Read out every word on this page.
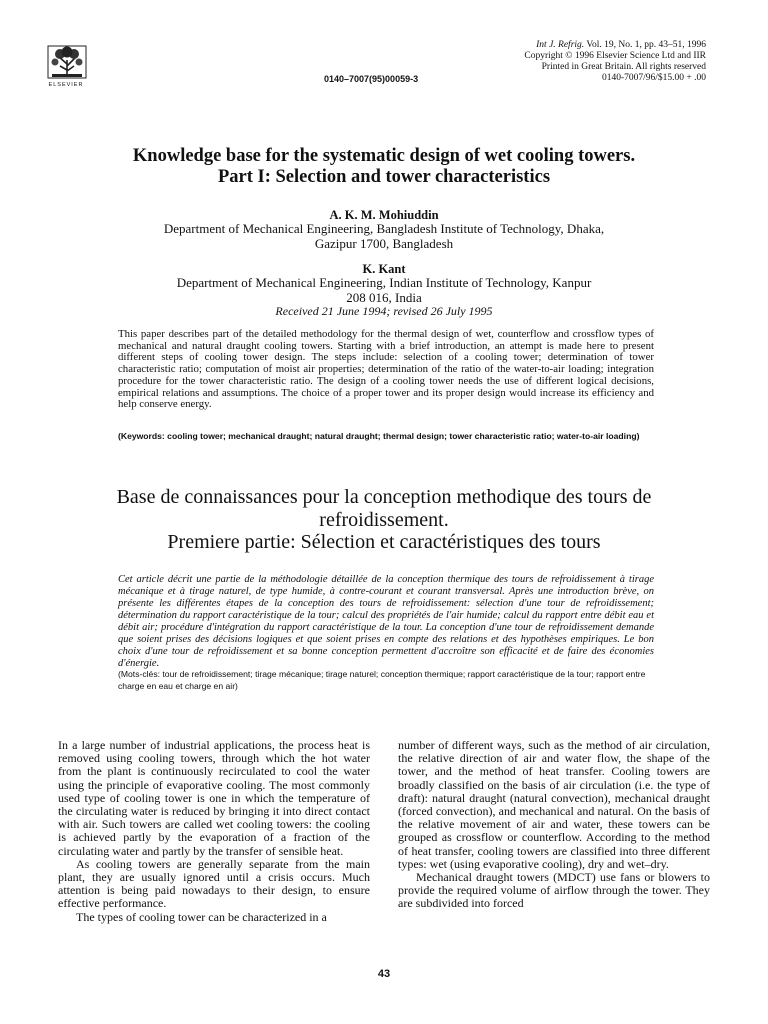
ELSEVIER
0140–7007(95)00059-3
Int J. Refrig. Vol. 19, No. 1, pp. 43–51, 1996
Copyright © 1996 Elsevier Science Ltd and IIR
Printed in Great Britain. All rights reserved
0140-7007/96/$15.00 + .00
Knowledge base for the systematic design of wet cooling towers.
Part I: Selection and tower characteristics
A. K. M. Mohiuddin
Department of Mechanical Engineering, Bangladesh Institute of Technology, Dhaka,
Gazipur 1700, Bangladesh
K. Kant
Department of Mechanical Engineering, Indian Institute of Technology, Kanpur
208 016, India
Received 21 June 1994; revised 26 July 1995
This paper describes part of the detailed methodology for the thermal design of wet, counterflow and crossflow types of mechanical and natural draught cooling towers. Starting with a brief introduction, an attempt is made here to present different steps of cooling tower design. The steps include: selection of a cooling tower; determination of tower characteristic ratio; computation of moist air properties; determination of the ratio of the water-to-air loading; integration procedure for the tower characteristic ratio. The design of a cooling tower needs the use of different logical decisions, empirical relations and assumptions. The choice of a proper tower and its proper design would increase its efficiency and help conserve energy.
(Keywords: cooling tower; mechanical draught; natural draught; thermal design; tower characteristic ratio; water-to-air loading)
Base de connaissances pour la conception methodique des tours de
refroidissement.
Premiere partie: Sélection et caractéristiques des tours
Cet article décrit une partie de la méthodologie détaillée de la conception thermique des tours de refroidissement à tirage mécanique et à tirage naturel, de type humide, à contre-courant et courant transversal. Après une introduction brève, on présente les différentes étapes de la conception des tours de refroidissement: sélection d'une tour de refroidissement; détermination du rapport caractéristique de la tour; calcul des propriétés de l'air humide; calcul du rapport entre débit eau et débit air; procédure d'intégration du rapport caractéristique de la tour. La conception d'une tour de refroidissement demande que soient prises des décisions logiques et que soient prises en compte des relations et des hypothèses empiriques. Le bon choix d'une tour de refroidissement et sa bonne conception permettent d'accroître son efficacité et de faire des économies d'énergie.
(Mots-clés: tour de refroidissement; tirage mécanique; tirage naturel; conception thermique; rapport caractéristique de la tour; rapport entre charge en eau et charge en air)

In a large number of industrial applications, the process heat is removed using cooling towers, through which the hot water from the plant is continuously recirculated to cool the water using the principle of evaporative cooling. The most commonly used type of cooling tower is one in which the temperature of the circulating water is reduced by bringing it into direct contact with air. Such towers are called wet cooling towers: the cooling is achieved partly by the evaporation of a fraction of the circulating water and partly by the transfer of sensible heat.

As cooling towers are generally separate from the main plant, they are usually ignored until a crisis occurs. Much attention is being paid nowadays to their design, to ensure effective performance.

The types of cooling tower can be characterized in a

number of different ways, such as the method of air circulation, the relative direction of air and water flow, the shape of the tower, and the method of heat transfer. Cooling towers are broadly classified on the basis of air circulation (i.e. the type of draft): natural draught (natural convection), mechanical draught (forced convection), and mechanical and natural. On the basis of the relative movement of air and water, these towers can be grouped as crossflow or counterflow. According to the method of heat transfer, cooling towers are classified into three different types: wet (using evaporative cooling), dry and wet–dry.

Mechanical draught towers (MDCT) use fans or blowers to provide the required volume of airflow through the tower. They are subdivided into forced

43
